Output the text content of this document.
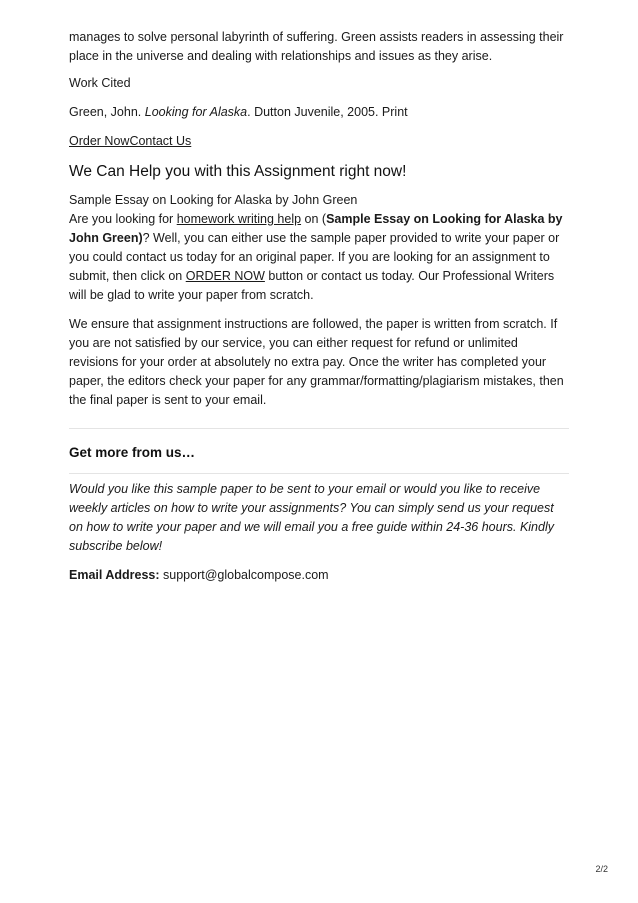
manages to solve personal labyrinth of suffering. Green assists readers in assessing their place in the universe and dealing with relationships and issues as they arise.

Work Cited

Green, John. Looking for Alaska. Dutton Juvenile, 2005. Print

Order NowContact Us

We Can Help you with this Assignment right now!

Sample Essay on Looking for Alaska by John Green
Are you looking for homework writing help on (Sample Essay on Looking for Alaska by John Green)? Well, you can either use the sample paper provided to write your paper or you could contact us today for an original paper. If you are looking for an assignment to submit, then click on ORDER NOW button or contact us today. Our Professional Writers will be glad to write your paper from scratch.

We ensure that assignment instructions are followed, the paper is written from scratch. If you are not satisfied by our service, you can either request for refund or unlimited revisions for your order at absolutely no extra pay. Once the writer has completed your paper, the editors check your paper for any grammar/formatting/plagiarism mistakes, then the final paper is sent to your email.

Get more from us…

Would you like this sample paper to be sent to your email or would you like to receive weekly articles on how to write your assignments? You can simply send us your request on how to write your paper and we will email you a free guide within 24-36 hours. Kindly subscribe below!

Email Address: support@globalcompose.com

2/2
